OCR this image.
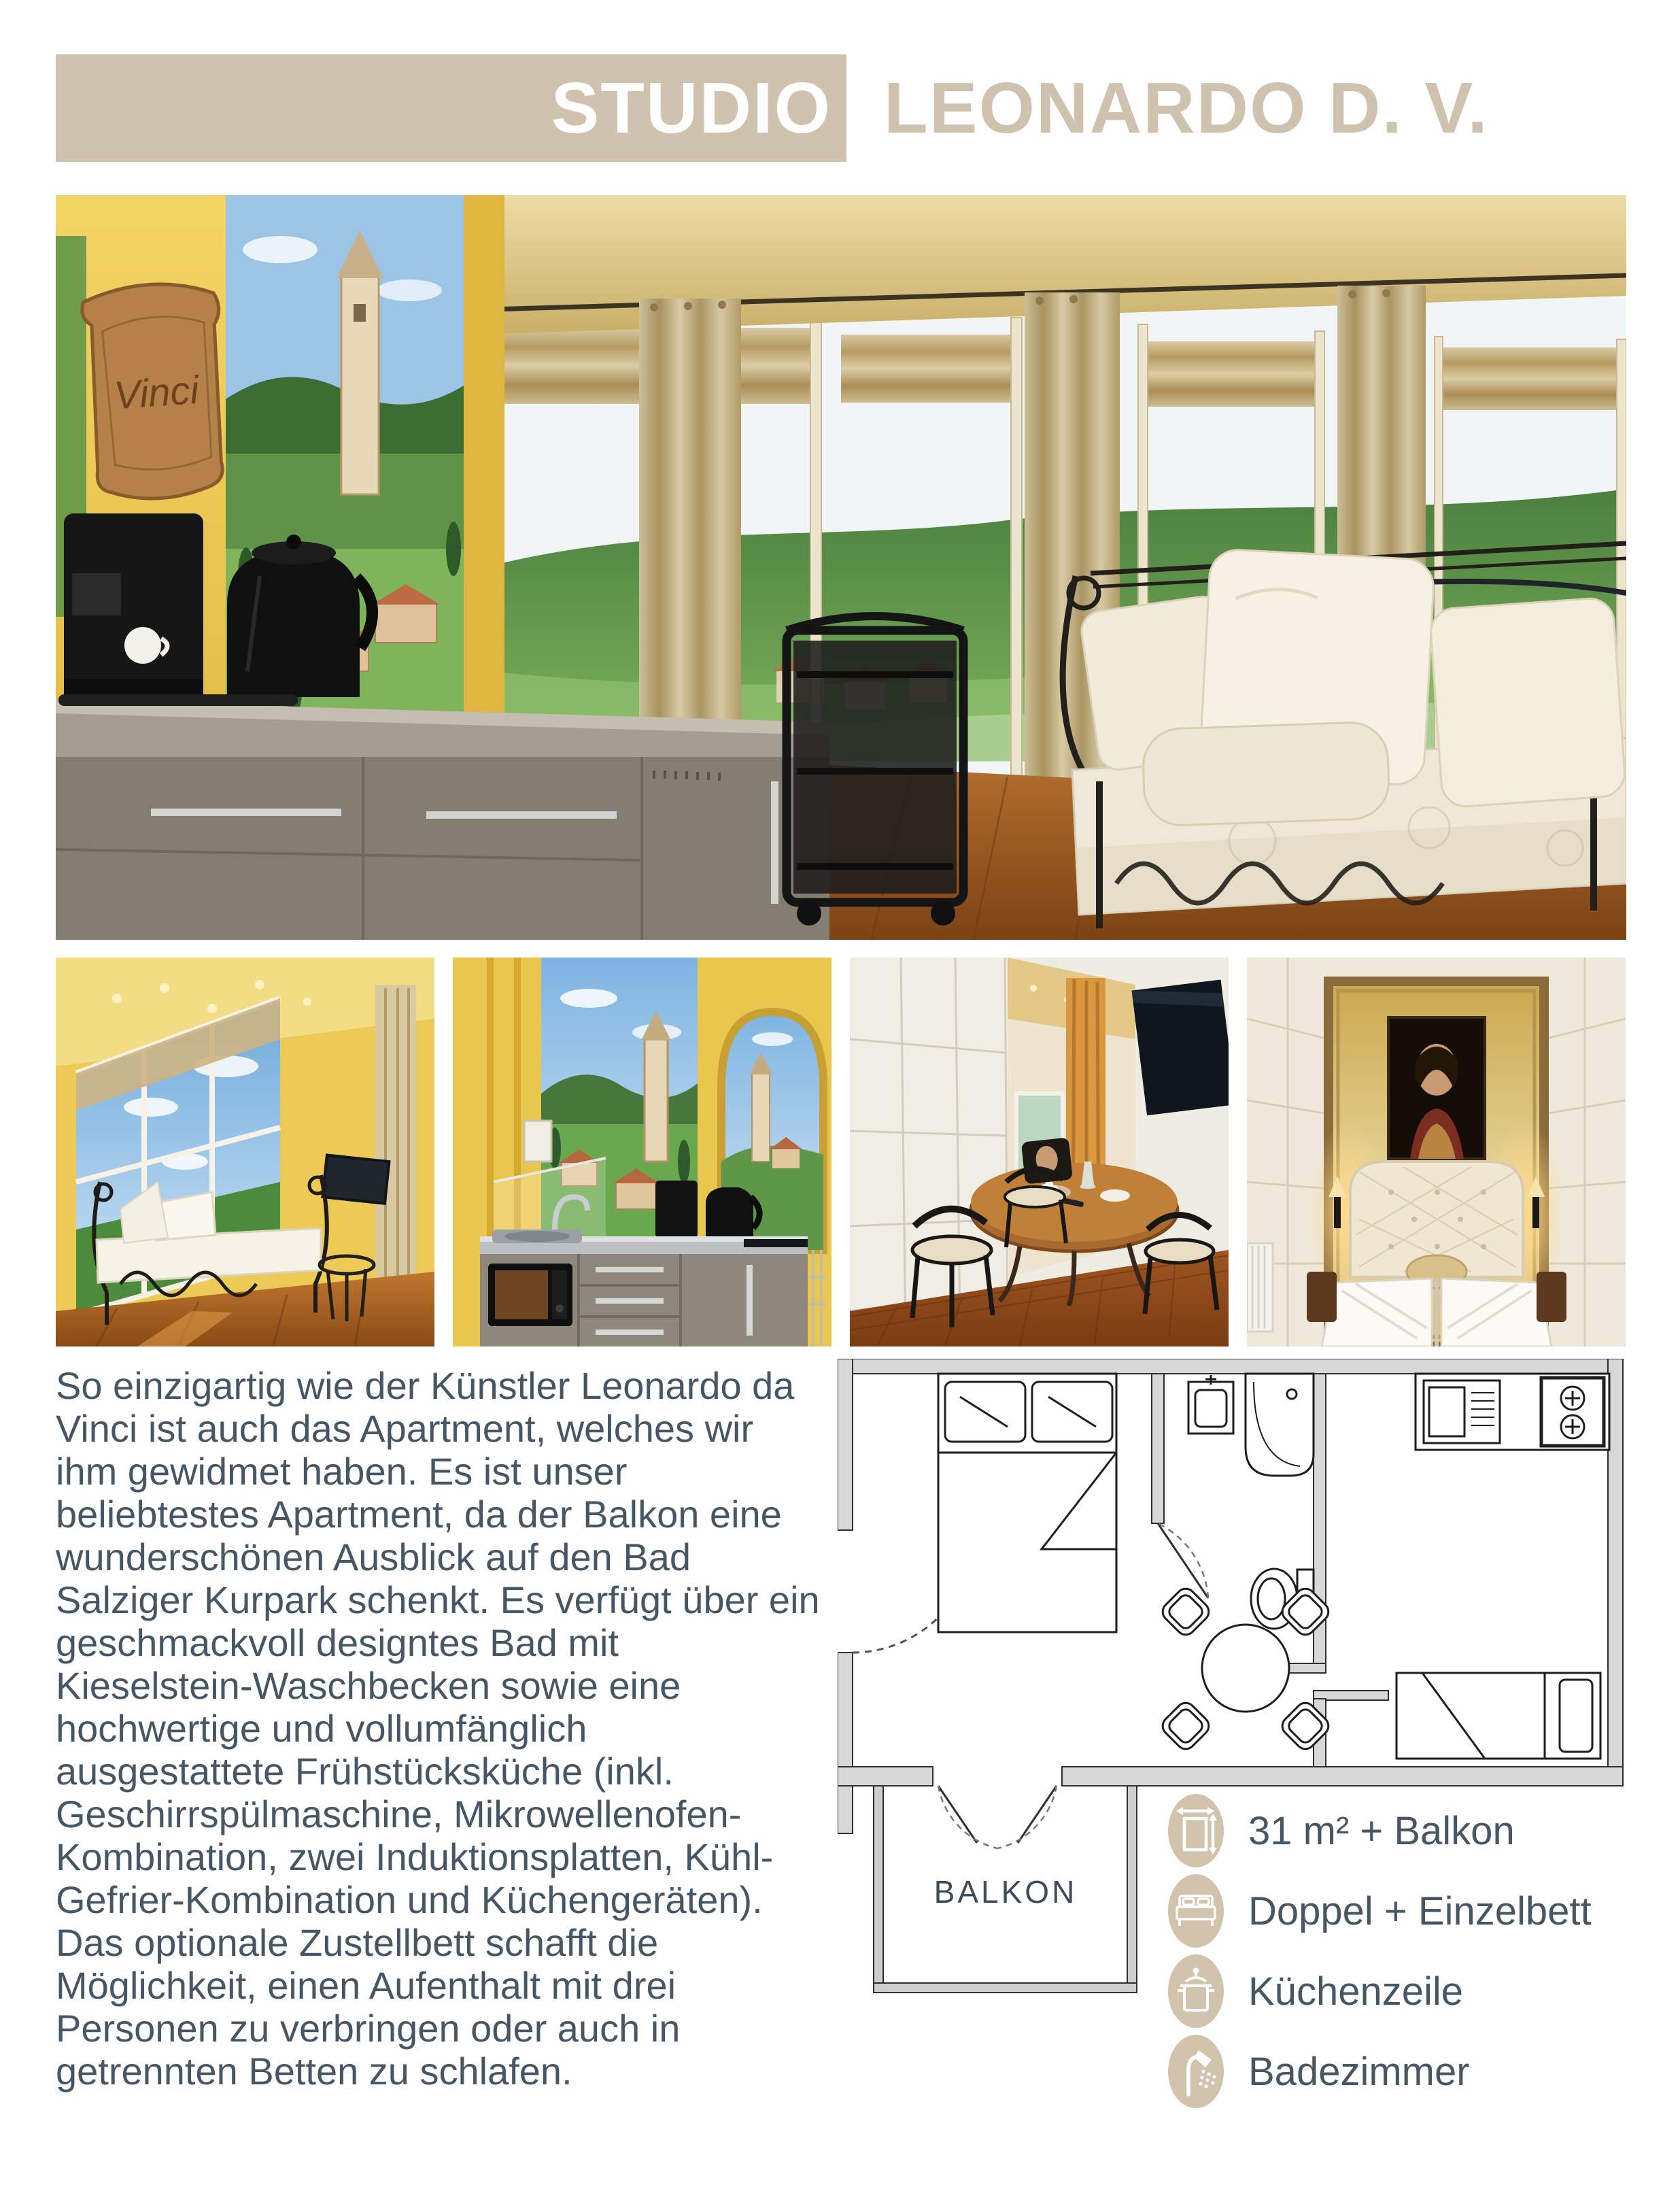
STUDIO LEONARDO D. V.
Vinci
So einzigartig wie der Künstler Leonardo da Vinci ist auch das Apartment, welches wir ihm gewidmet haben. Es ist unser beliebtestes Apartment, da der Balkon eine wunderschönen Ausblick auf den Bad Salziger Kurpark schenkt. Es verfügt über ein geschmackvoll designtes Bad mit Kieselstein-Waschbecken sowie eine hochwertige und vollumfänglich ausgestattete Frühstücksküche (inkl. Geschirrspülmaschine, Mikrowellenofen-Kombination, zwei Induktionsplatten, Kühl-Gefrier-Kombination und Küchengeräten). Das optionale Zustellbett schafft die Möglichkeit, einen Aufenthalt mit drei Personen zu verbringen oder auch in getrennten Betten zu schlafen.
BALKON
31 m² + Balkon
Doppel + Einzelbett
Küchenzeile
Badezimmer
